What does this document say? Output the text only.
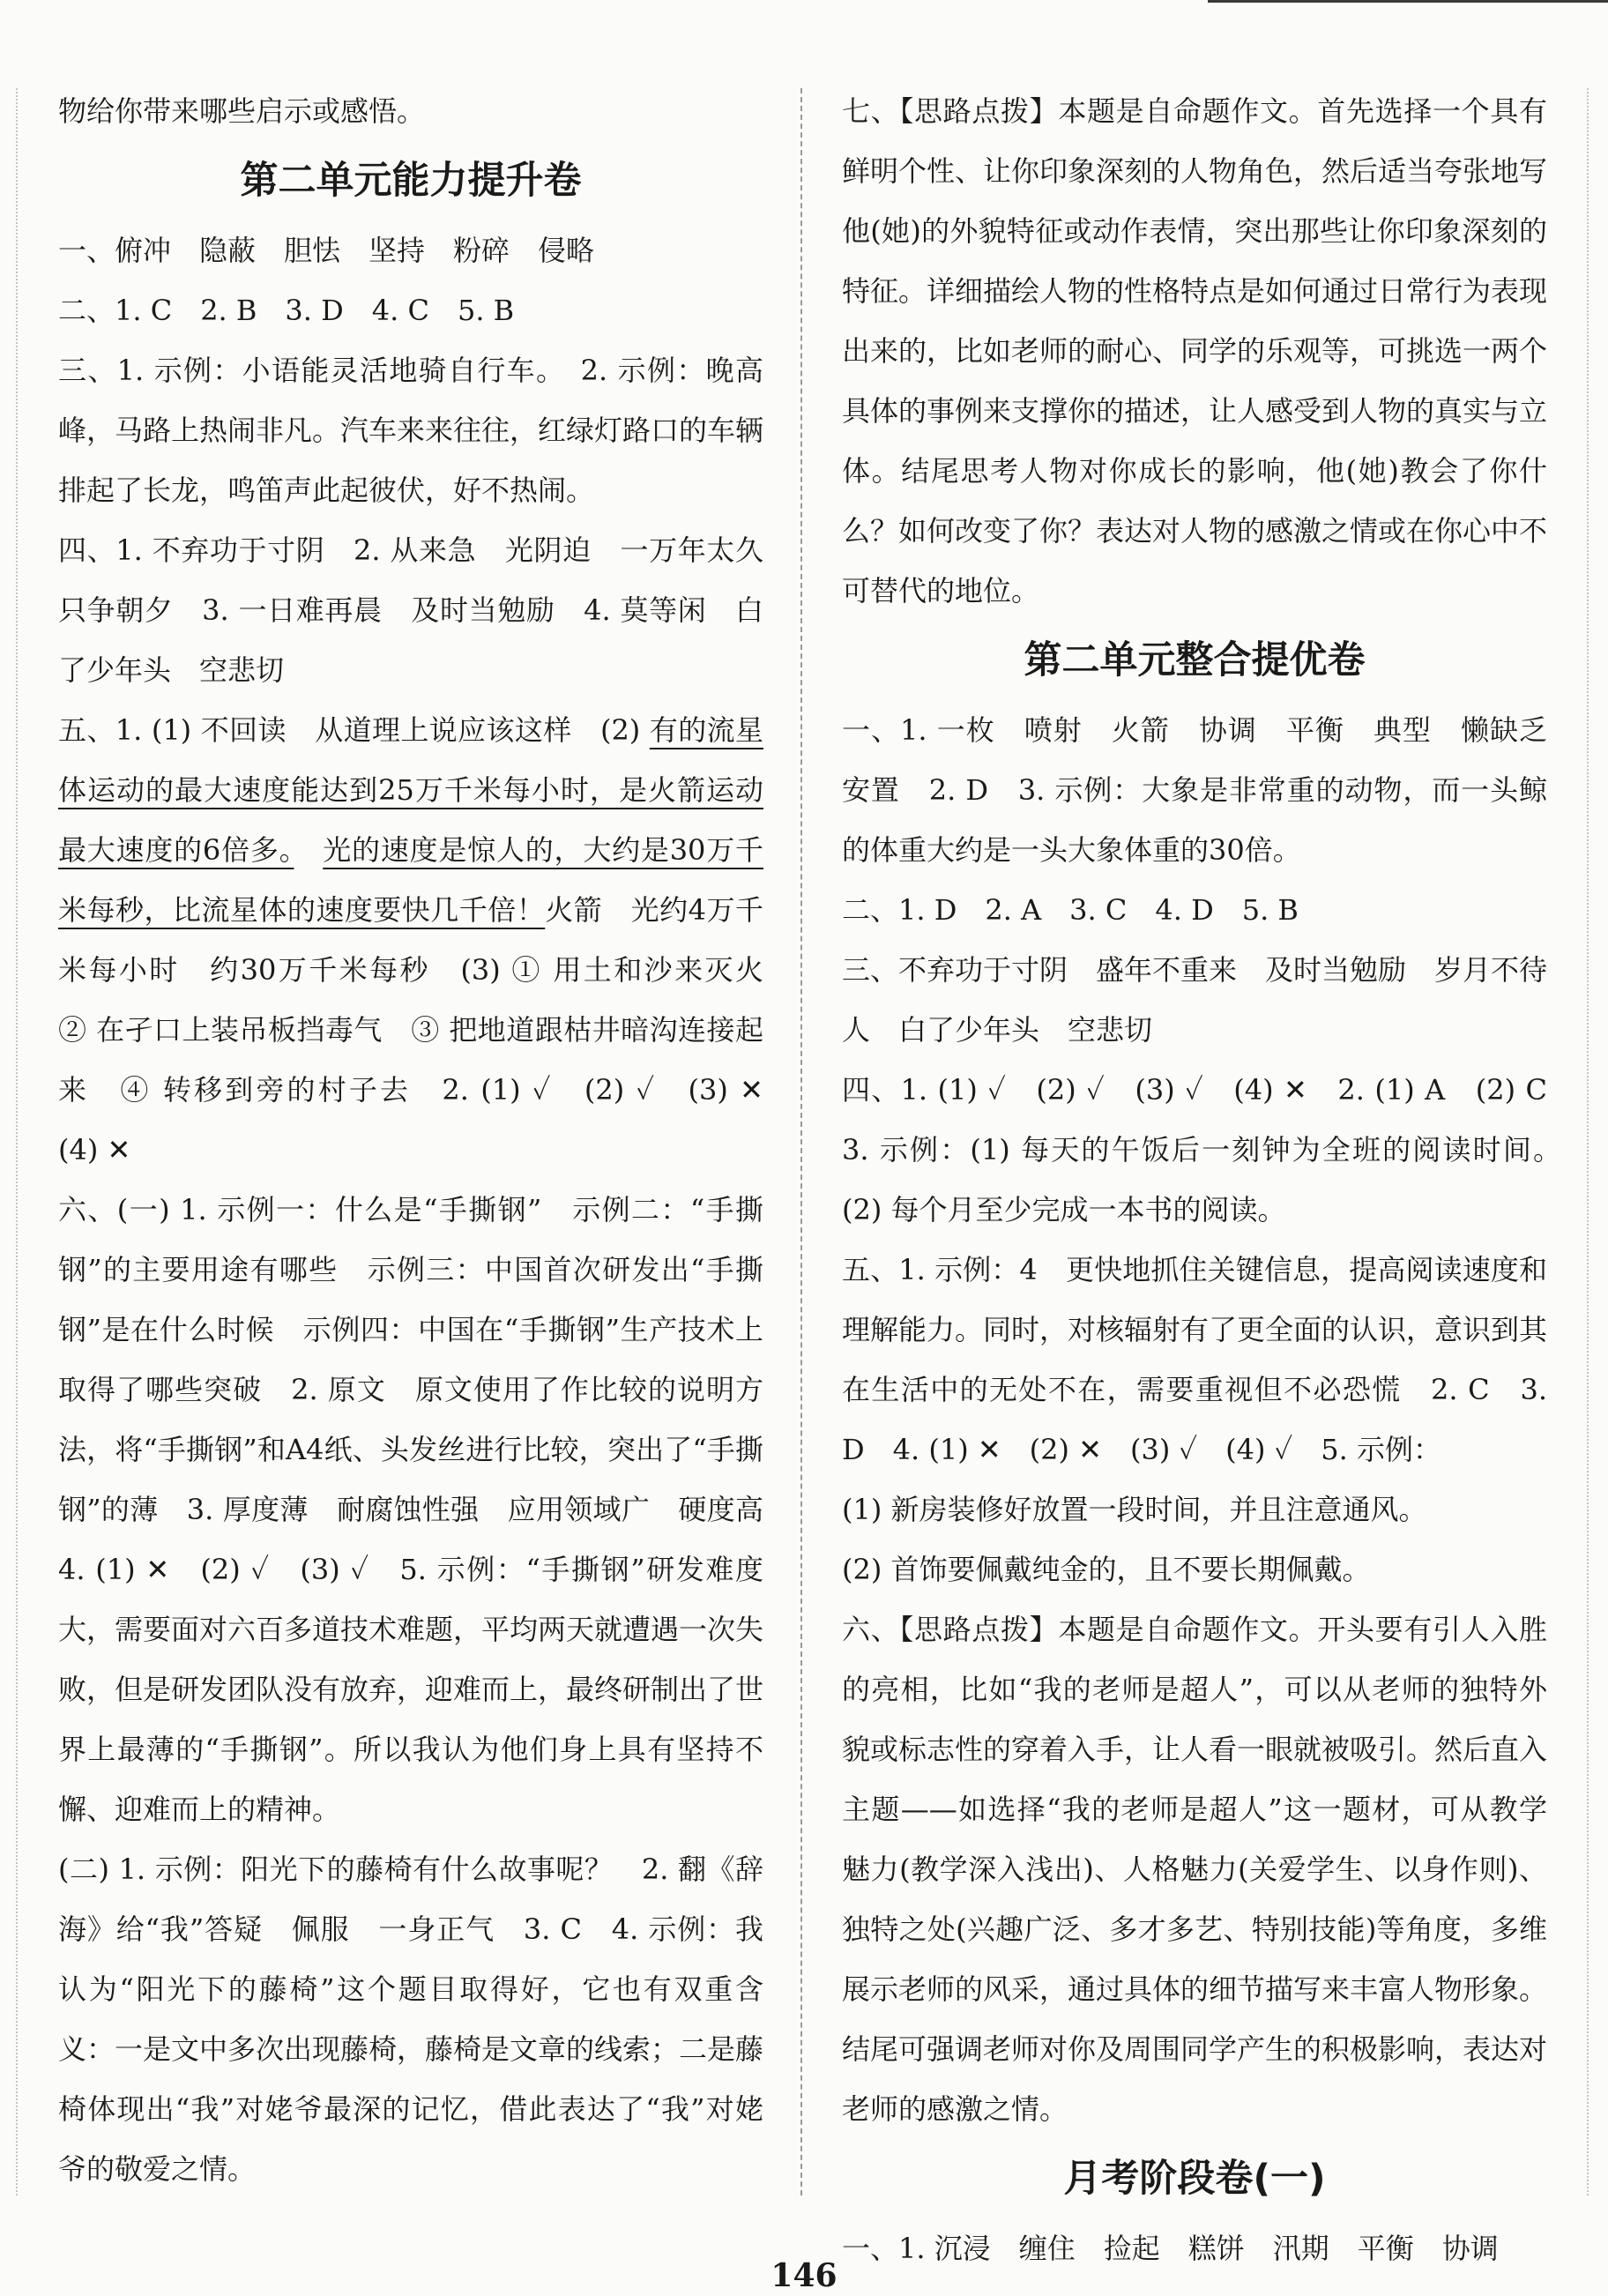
物给你带来哪些启示或感悟。

第二单元能力提升卷

一、俯冲　隐蔽　胆怯　坚持　粉碎　侵略

二、1. C　2. B　3. D　4. C　5. B

三、1. 示例：小语能灵活地骑自行车。　2. 示例：晚高峰，马路上热闹非凡。汽车来来往往，红绿灯路口的车辆排起了长龙，鸣笛声此起彼伏，好不热闹。

四、1. 不弃功于寸阴　2. 从来急　光阴迫　一万年太久　只争朝夕　3. 一日难再晨　及时当勉励　4. 莫等闲　白了少年头　空悲切

五、1. (1) 不回读　从道理上说应该这样　(2) 有的流星体运动的最大速度能达到25万千米每小时，是火箭运动最大速度的6倍多。　 光的速度是惊人的，大约是30万千米每秒，比流星体的速度要快几千倍！火箭　光约4万千米每小时　约30万千米每秒　(3) ① 用土和沙来灭火　② 在孑口上装吊板挡毒气　③ 把地道跟枯井暗沟连接起来　④ 转移到旁的村子去　2. (1) ✓　(2) ✓　(3) ✕　(4) ✕

六、(一) 1. 示例一：什么是“手撕钢”　示例二：“手撕钢”的主要用途有哪些　示例三：中国首次研发出“手撕钢”是在什么时候　示例四：中国在“手撕钢”生产技术上取得了哪些突破　2. 原文　原文使用了作比较的说明方法，将“手撕钢”和A4纸、头发丝进行比较，突出了“手撕钢”的薄　3. 厚度薄　耐腐蚀性强　应用领域广　硬度高　4. (1) ✕　(2) ✓　(3) ✓　5. 示例：“手撕钢”研发难度大，需要面对六百多道技术难题，平均两天就遭遇一次失败，但是研发团队没有放弃，迎难而上，最终研制出了世界上最薄的“手撕钢”。所以我认为他们身上具有坚持不懈、迎难而上的精神。

(二) 1. 示例：阳光下的藤椅有什么故事呢？　2. 翻《辞海》给“我”答疑　佩服　一身正气　3. C　4. 示例：我认为“阳光下的藤椅”这个题目取得好，它也有双重含义：一是文中多次出现藤椅，藤椅是文章的线索；二是藤椅体现出“我”对姥爷最深的记忆，借此表达了“我”对姥爷的敬爱之情。

七、【思路点拨】本题是自命题作文。首先选择一个具有鲜明个性、让你印象深刻的人物角色，然后适当夸张地写他(她)的外貌特征或动作表情，突出那些让你印象深刻的特征。详细描绘人物的性格特点是如何通过日常行为表现出来的，比如老师的耐心、同学的乐观等，可挑选一两个具体的事例来支撑你的描述，让人感受到人物的真实与立体。结尾思考人物对你成长的影响，他(她)教会了你什么？如何改变了你？表达对人物的感激之情或在你心中不可替代的地位。

第二单元整合提优卷

一、1. 一枚　喷射　火箭　协调　平衡　典型　懒缺乏　安置　2. D　3. 示例：大象是非常重的动物，而一头鲸的体重大约是一头大象体重的30倍。

二、1. D　2. A　3. C　4. D　5. B

三、不弃功于寸阴　盛年不重来　及时当勉励　岁月不待人　白了少年头　空悲切

四、1. (1) ✓　(2) ✓　(3) ✓　(4) ✕　2. (1) A　(2) C　3. 示例：(1) 每天的午饭后一刻钟为全班的阅读时间。　(2) 每个月至少完成一本书的阅读。

五、1. 示例：4　更快地抓住关键信息，提高阅读速度和理解能力。同时，对核辐射有了更全面的认识，意识到其在生活中的无处不在，需要重视但不必恐慌　2. C　3. D　4. (1) ✕　(2) ✕　(3) ✓　(4) ✓　5. 示例：

(1) 新房装修好放置一段时间，并且注意通风。

(2) 首饰要佩戴纯金的，且不要长期佩戴。

六、【思路点拨】本题是自命题作文。开头要有引人入胜的亮相，比如“我的老师是超人”，可以从老师的独特外貌或标志性的穿着入手，让人看一眼就被吸引。然后直入主题——如选择“我的老师是超人”这一题材，可从教学魅力(教学深入浅出)、人格魅力(关爱学生、以身作则)、独特之处(兴趣广泛、多才多艺、特别技能)等角度，多维展示老师的风采，通过具体的细节描写来丰富人物形象。结尾可强调老师对你及周围同学产生的积极影响，表达对老师的感激之情。

月考阶段卷(一)

一、1. 沉浸　缠住　捡起　糕饼　汛期　平衡　协调

146
